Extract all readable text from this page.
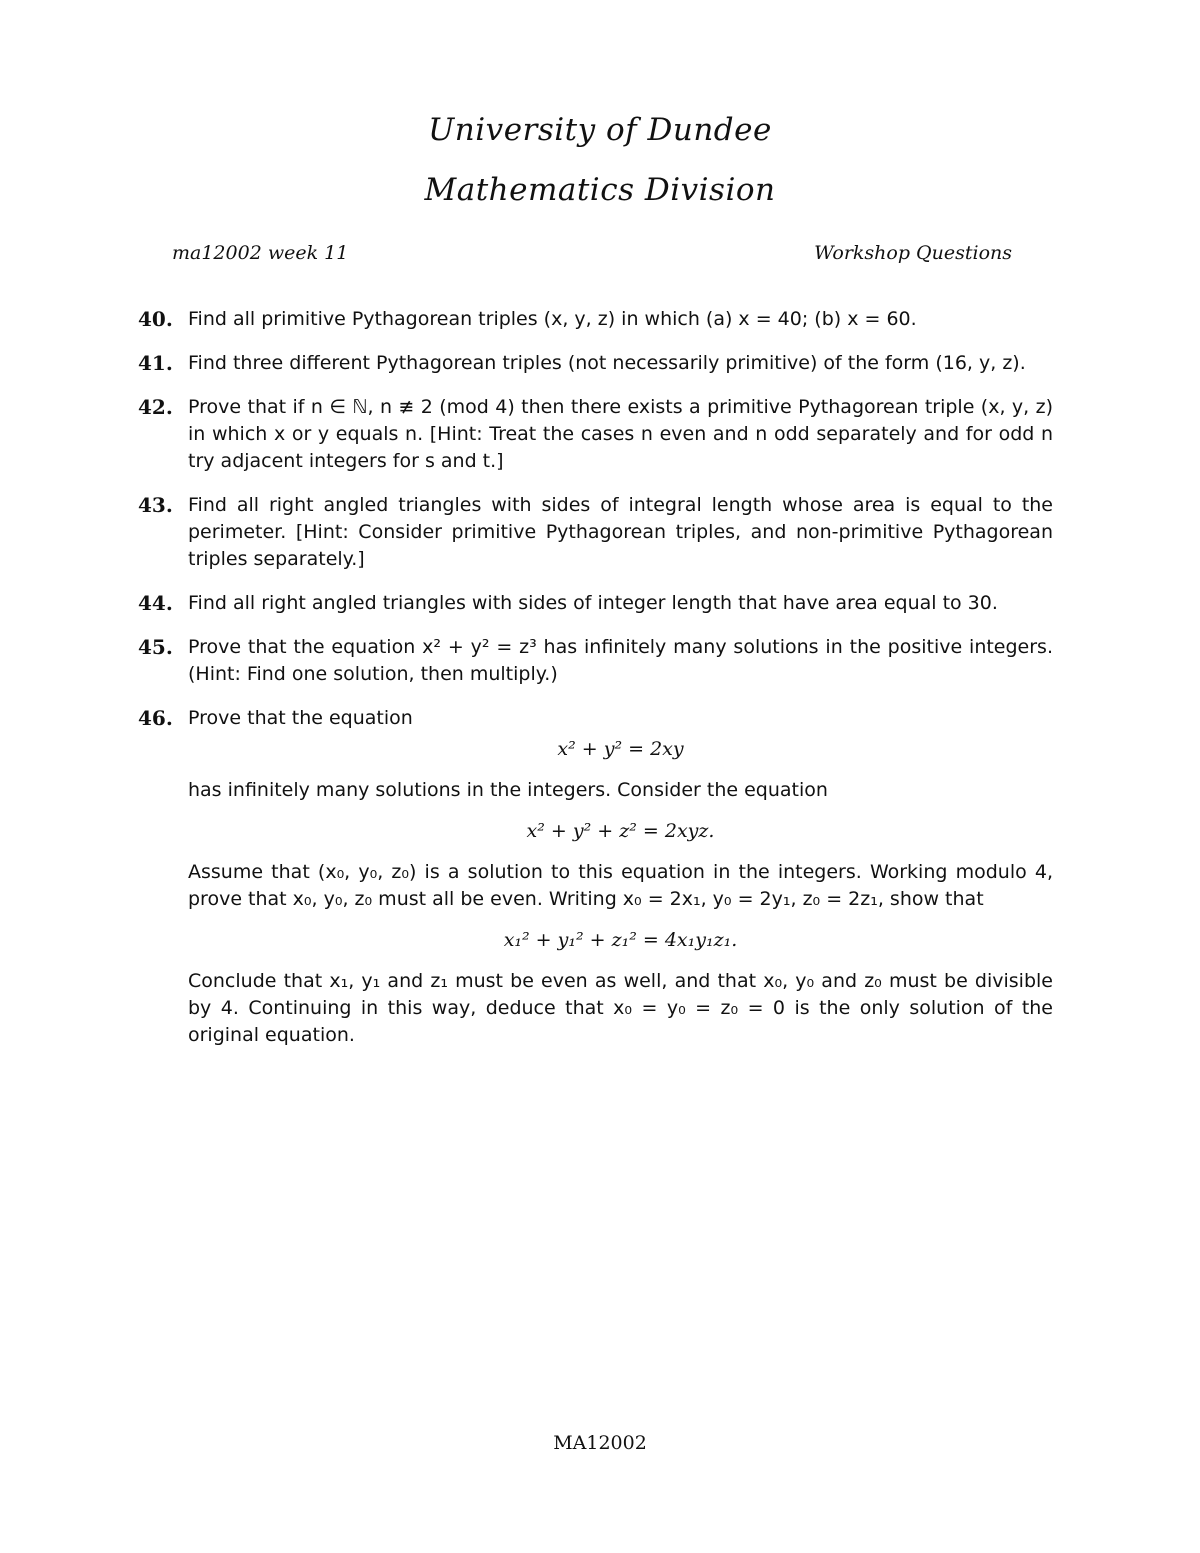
University of Dundee
Mathematics Division
ma12002 week 11	Workshop Questions
40. Find all primitive Pythagorean triples (x, y, z) in which (a) x = 40; (b) x = 60.
41. Find three different Pythagorean triples (not necessarily primitive) of the form (16, y, z).
42. Prove that if n ∈ ℕ, n ≢ 2 (mod 4) then there exists a primitive Pythagorean triple (x, y, z) in which x or y equals n. [Hint: Treat the cases n even and n odd separately and for odd n try adjacent integers for s and t.]
43. Find all right angled triangles with sides of integral length whose area is equal to the perimeter. [Hint: Consider primitive Pythagorean triples, and non-primitive Pythagorean triples separately.]
44. Find all right angled triangles with sides of integer length that have area equal to 30.
45. Prove that the equation x² + y² = z³ has infinitely many solutions in the positive integers. (Hint: Find one solution, then multiply.)
46. Prove that the equation
x² + y² = 2xy
has infinitely many solutions in the integers. Consider the equation
x² + y² + z² = 2xyz.
Assume that (x₀, y₀, z₀) is a solution to this equation in the integers. Working modulo 4, prove that x₀, y₀, z₀ must all be even. Writing x₀ = 2x₁, y₀ = 2y₁, z₀ = 2z₁, show that
x₁² + y₁² + z₁² = 4x₁y₁z₁.
Conclude that x₁, y₁ and z₁ must be even as well, and that x₀, y₀ and z₀ must be divisible by 4. Continuing in this way, deduce that x₀ = y₀ = z₀ = 0 is the only solution of the original equation.
MA12002
